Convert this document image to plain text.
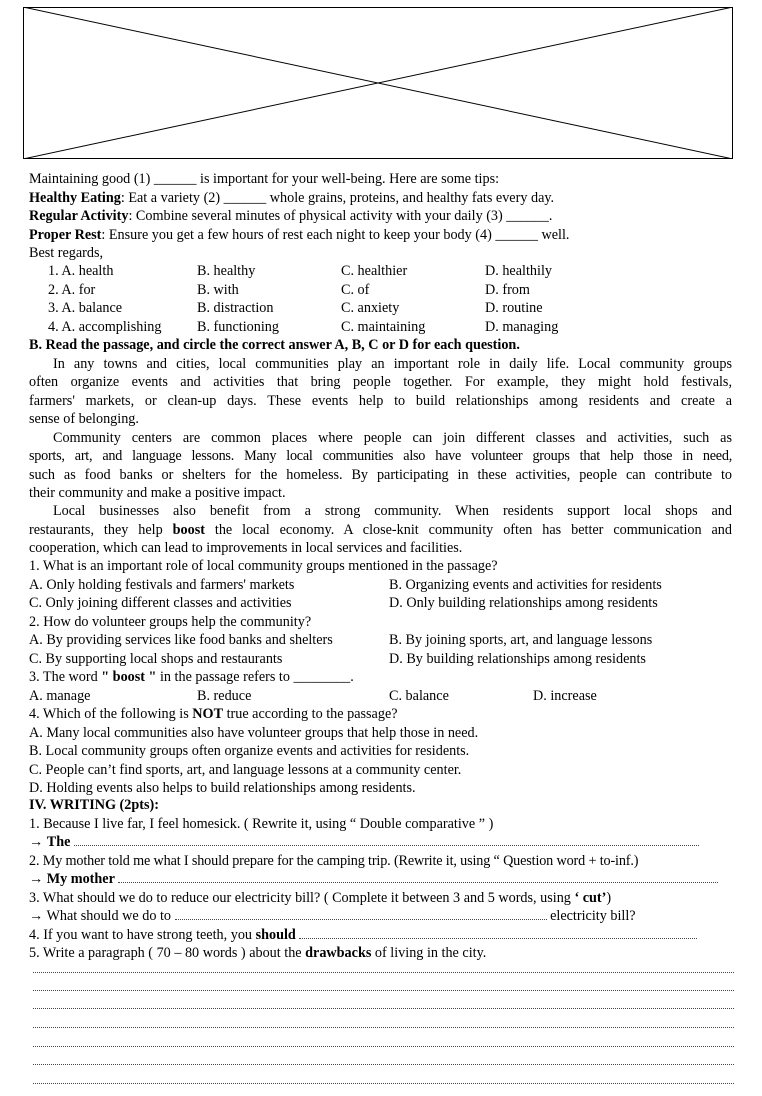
Maintaining good (1) ______ is important for your well-being. Here are some tips:
Healthy Eating: Eat a variety (2) ______ whole grains, proteins, and healthy fats every day.
Regular Activity: Combine several minutes of physical activity with your daily (3) ______.
Proper Rest: Ensure you get a few hours of rest each night to keep your body (4) ______ well.
Best regards,
1. A. health	B. healthy	C. healthier	D. healthily
2. A. for	B. with	C. of	D. from
3. A. balance	B. distraction	C. anxiety	D. routine
4. A. accomplishing	B. functioning	C. maintaining	D. managing
B. Read the passage, and circle the correct answer A, B, C or D for each question.
In any towns and cities, local communities play an important role in daily life. Local community groups
often organize events and activities that bring people together. For example, they might hold festivals,
farmers' markets, or clean-up days. These events help to build relationships among residents and create a
sense of belonging.
Community centers are common places where people can join different classes and activities, such as
sports, art, and language lessons. Many local communities also have volunteer groups that help those in need,
such as food banks or shelters for the homeless. By participating in these activities, people can contribute to
their community and make a positive impact.
Local businesses also benefit from a strong community. When residents support local shops and
restaurants, they help boost the local economy. A close-knit community often has better communication and
cooperation, which can lead to improvements in local services and facilities.
1. What is an important role of local community groups mentioned in the passage?
A. Only holding festivals and farmers' markets	B. Organizing events and activities for residents
C. Only joining different classes and activities	D. Only building relationships among residents
2. How do volunteer groups help the community?
A. By providing services like food banks and shelters	B. By joining sports, art, and language lessons
C. By supporting local shops and restaurants	D. By building relationships among residents
3. The word " boost " in the passage refers to ________.
A. manage	B. reduce	C. balance	D. increase
4. Which of the following is NOT true according to the passage?
A. Many local communities also have volunteer groups that help those in need.
B. Local community groups often organize events and activities for residents.
C. People can’t find sports, art, and language lessons at a community center.
D. Holding events also helps to build relationships among residents.
IV. WRITING (2pts):
1. Because I live far, I feel homesick. ( Rewrite it, using “ Double comparative ” )
→ The
2. My mother told me what I should prepare for the camping trip. (Rewrite it, using “ Question word + to-inf.)
→ My mother
3. What should we do to reduce our electricity bill? ( Complete it between 3 and 5 words, using ‘ cut’)
→ What should we do to	electricity bill?
4. If you want to have strong teeth, you should
5. Write a paragraph ( 70 – 80 words ) about the drawbacks of living in the city.
